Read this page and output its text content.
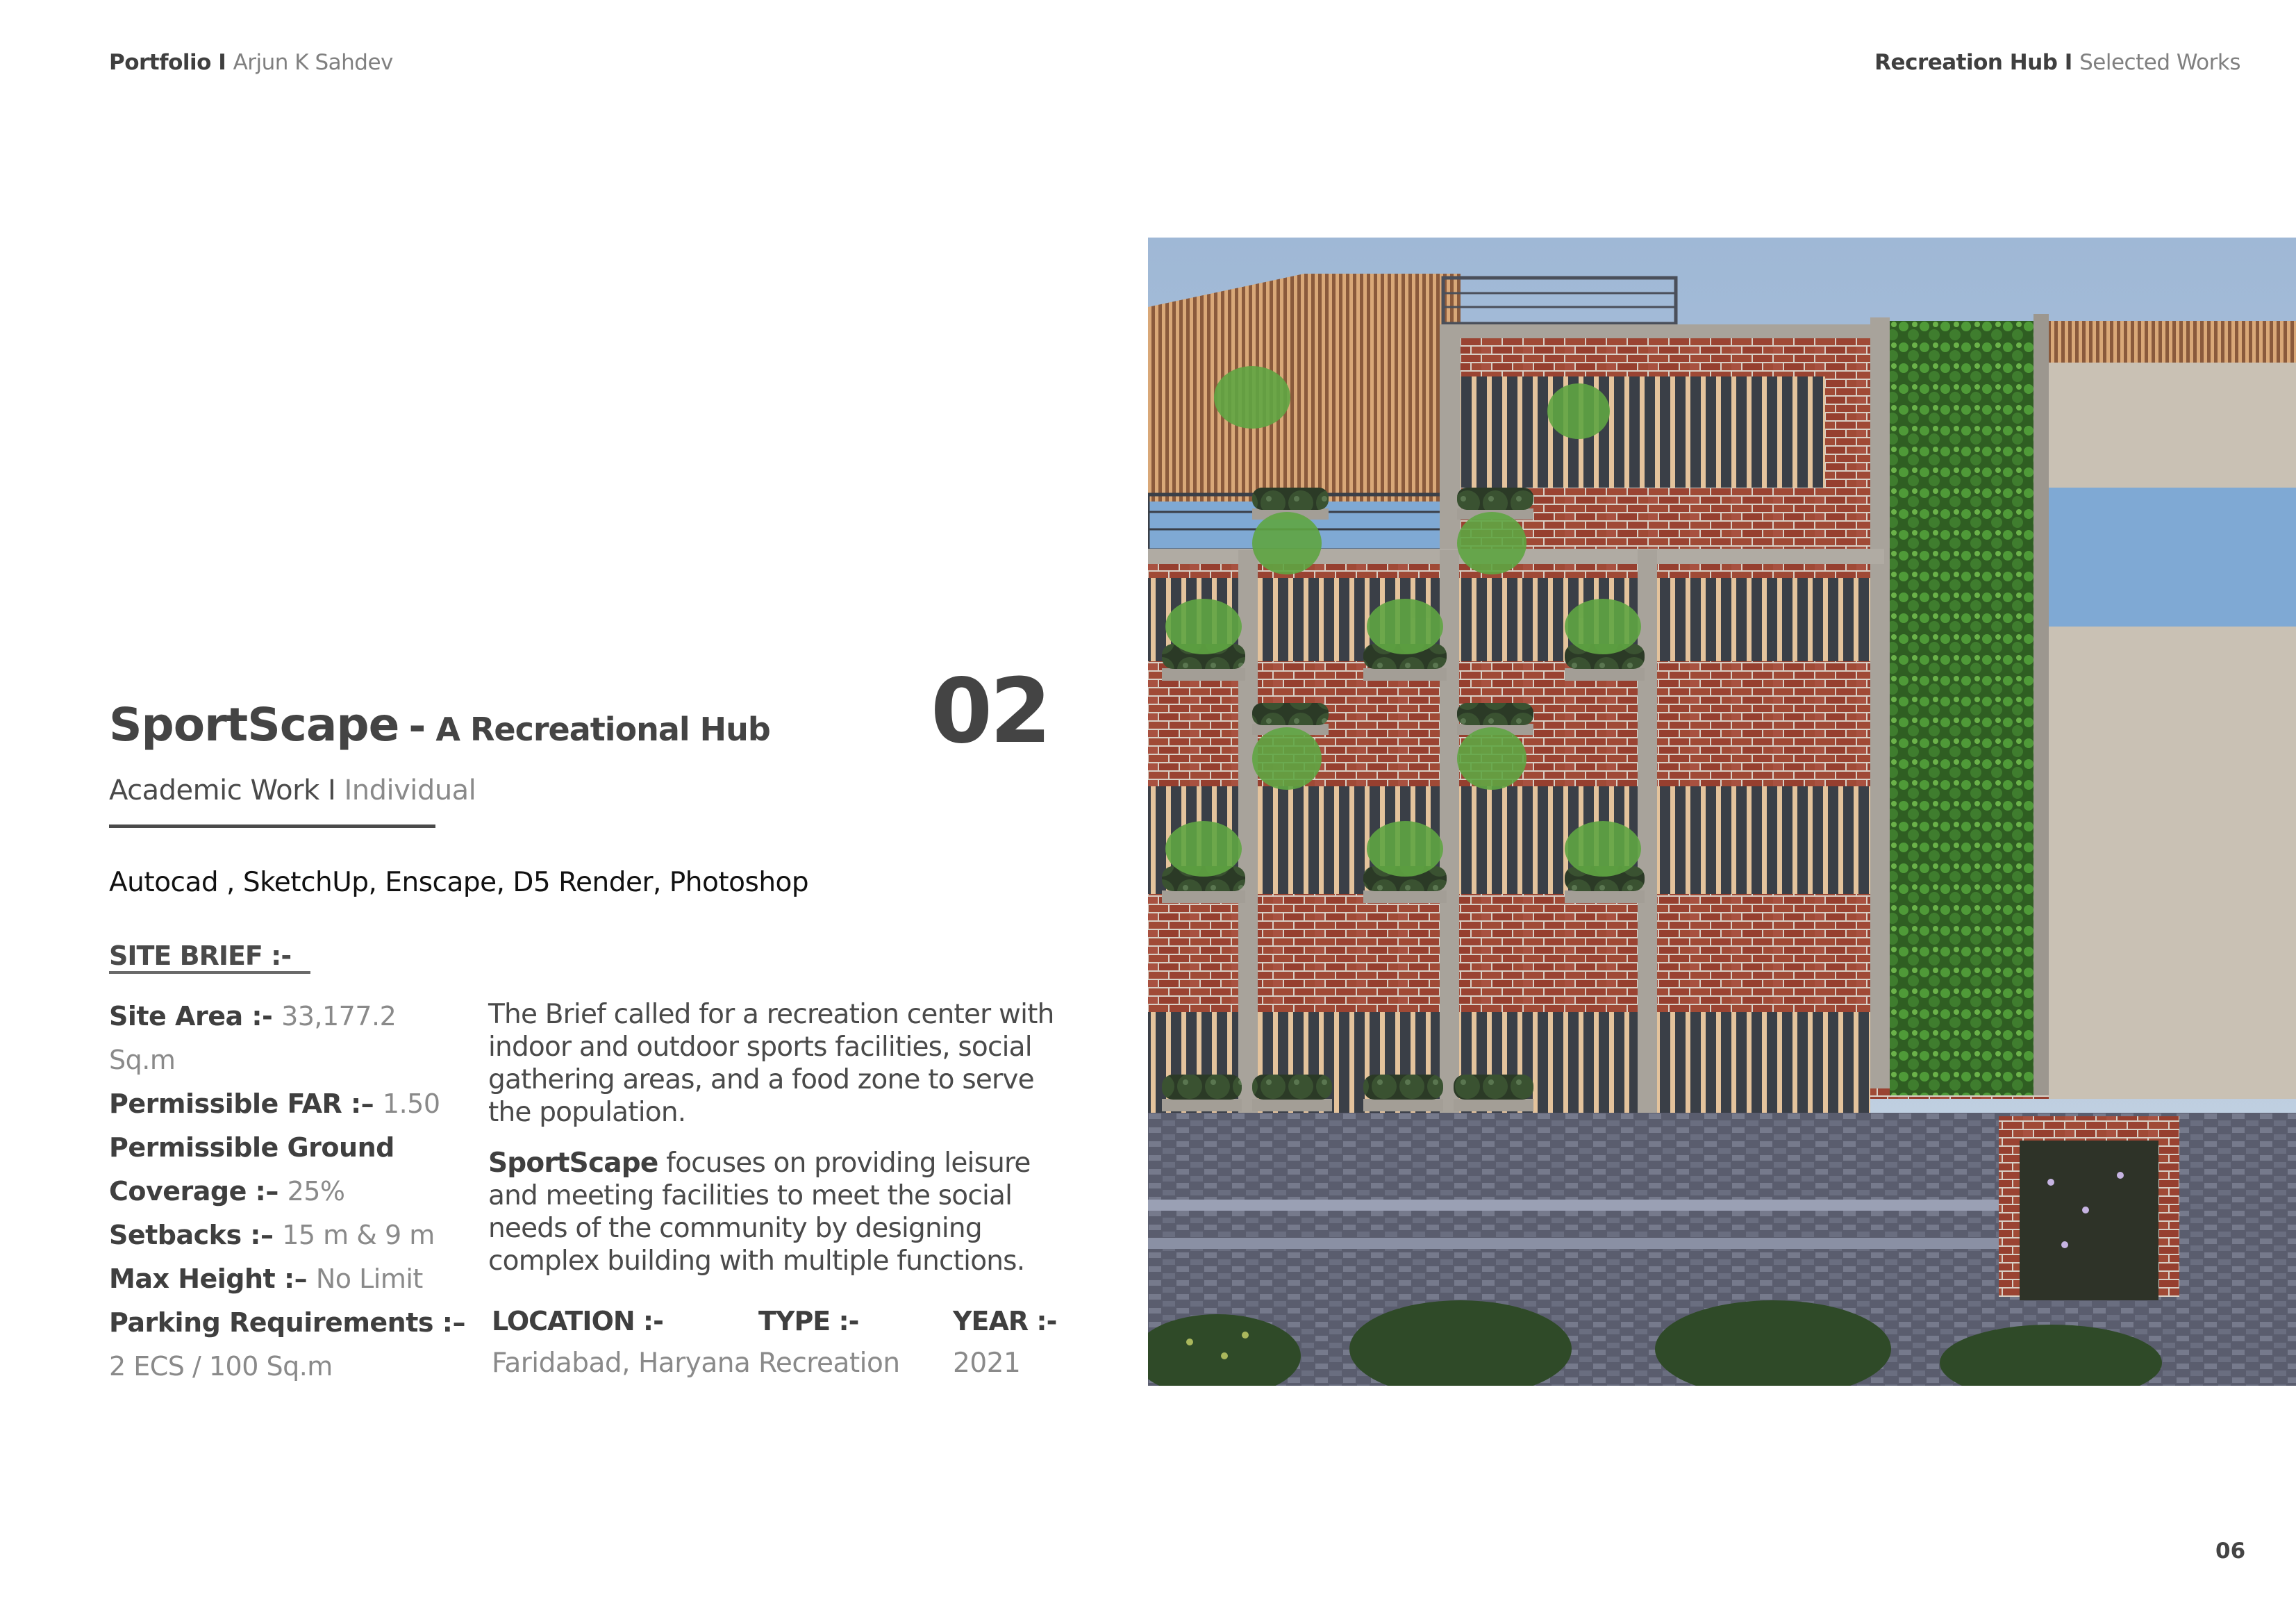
Portfolio I Arjun K Sahdev	Recreation Hub I Selected Works
SportScape - A Recreational Hub 02
Academic Work I Individual
Autocad , SketchUp, Enscape, D5 Render, Photoshop
SITE BRIEF :-
Site Area :- 33,177.2 Sq.m
Permissible FAR :– 1.50
Permissible Ground Coverage :– 25%
Setbacks :– 15 m & 9 m
Max Height :– No Limit
Parking Requirements :– 2 ECS / 100 Sq.m

The Brief called for a recreation center with indoor and outdoor sports facilities, social gathering areas, and a food zone to serve the population.

SportScape focuses on providing leisure and meeting facilities to meet the social needs of the community by designing complex building with multiple functions.

LOCATION :-
Faridabad, Haryana
TYPE :-
Recreation
YEAR :-
2021
06
